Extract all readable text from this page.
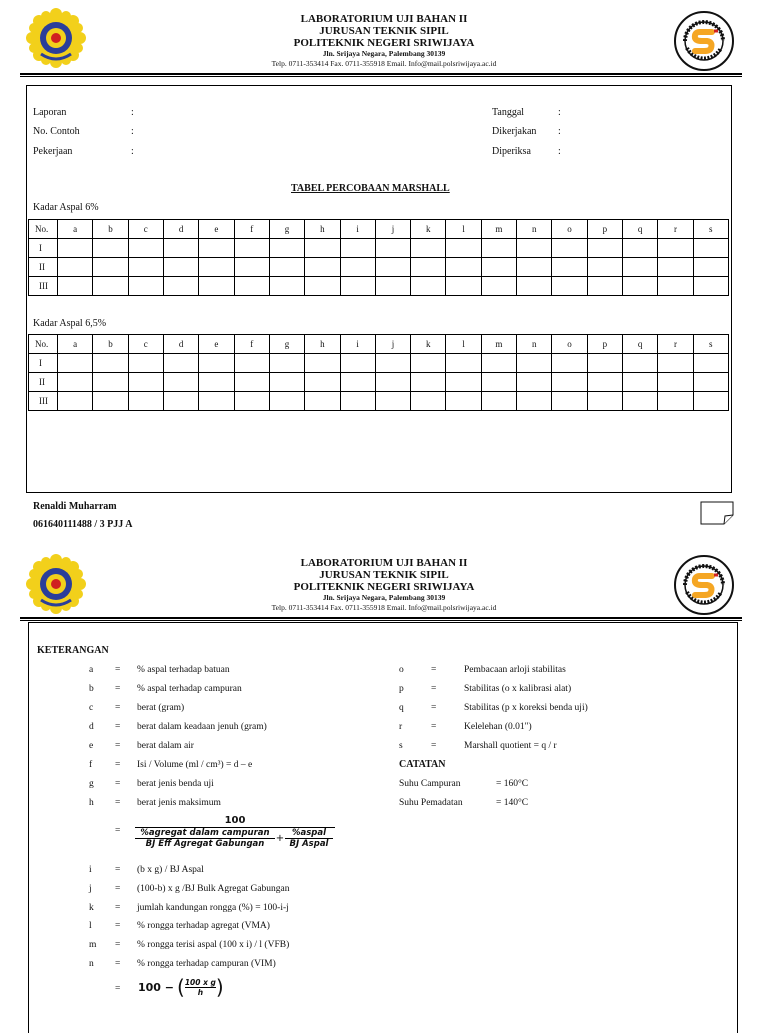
LABORATORIUM UJI BAHAN II
JURUSAN TEKNIK SIPIL
POLITEKNIK NEGERI SRIWIJAYA
Jln. Srijaya Negara, Palembang 30139
Telp. 0711-353414 Fax. 0711-355918 Email. Info@mail.polsriwijaya.ac.id
Laporan	:
No. Contoh	:
Pekerjaan	:
Tanggal	:
Dikerjakan :
Diperiksa	:
TABEL PERCOBAAN MARSHALL
Kadar Aspal 6%
No.	a	b	c	d	e	f	g	h	i	j	k	l	m	n	o	p	q	r	s
I																			
II																			
III																			
Kadar Aspal 6,5%
No.	a	b	c	d	e	f	g	h	i	j	k	l	m	n	o	p	q	r	s
I																			
II																			
III																			
Renaldi Muharram
061640111488 / 3 PJJ A
LABORATORIUM UJI BAHAN II
JURUSAN TEKNIK SIPIL
POLITEKNIK NEGERI SRIWIJAYA
Jln. Srijaya Negara, Palembang 30139
Telp. 0711-353414 Fax. 0711-355918 Email. Info@mail.polsriwijaya.ac.id
KETERANGAN
a = % aspal terhadap batuan
b = % aspal terhadap campuran
c = berat (gram)
d = berat dalam keadaan jenuh (gram)
e = berat dalam air
f = Isi / Volume (ml / cm³) = d – e
g = berat jenis benda uji
h = berat jenis maksimum
=
100
%agregat dalam campuran
BJ Eff Agregat Gabungan	+ %aspal
BJ Aspal
i = (b x g) / BJ Aspal
j = (100-b) x g /BJ Bulk Agregat Gabungan
k = jumlah kandungan rongga (%) = 100-i-j
l = % rongga terhadap agregat (VMA)
m = % rongga terisi aspal (100 x i) / l (VFB)
n = % rongga terhadap campuran (VIM)
= 100 − ( $\frac{\text{100 x g}}{h}$ )
o	=	Pembacaan arloji stabilitas
p	=	Stabilitas (o x kalibrasi alat)
q	=	Stabilitas (p x koreksi benda uji)
r	=	Kelelehan (0.01")
s	=	Marshall quotient = q / r
CATATAN
Suhu Campuran	= 160°C
Suhu Pemadatan	= 140°C
